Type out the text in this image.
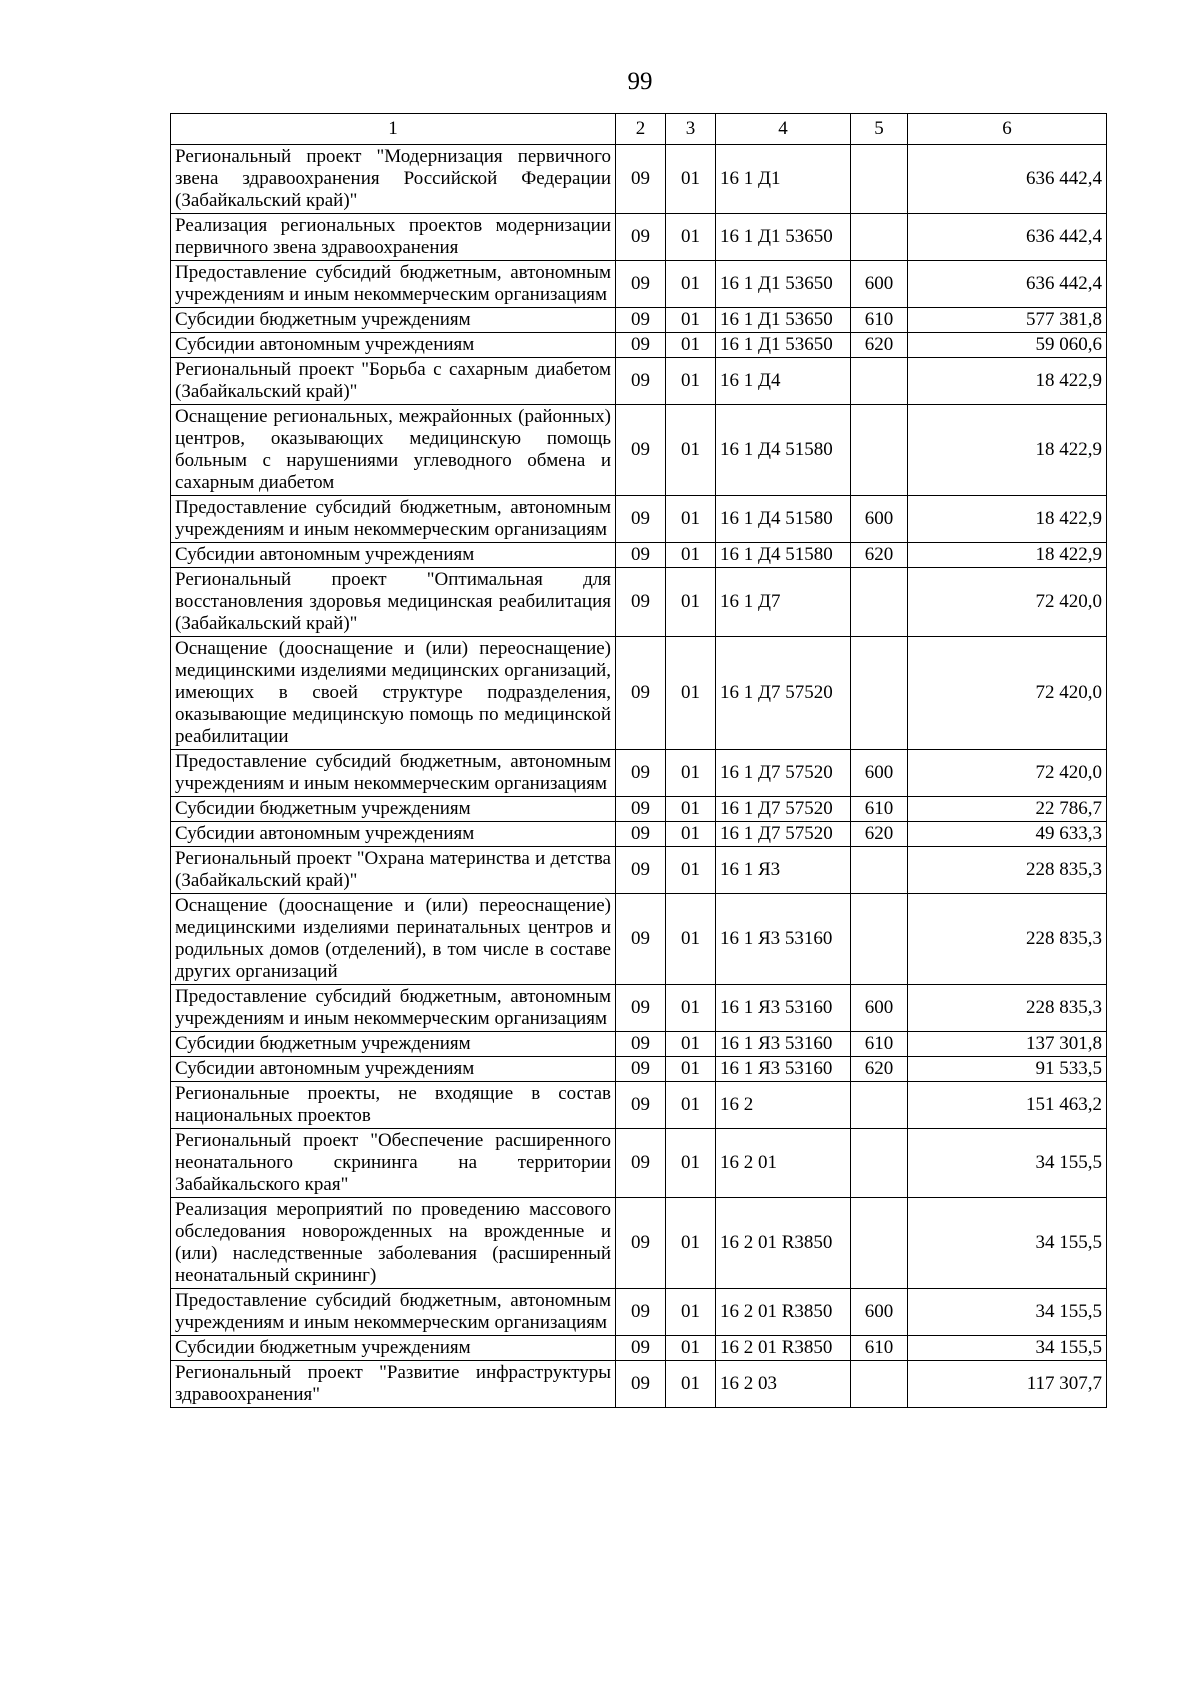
99
1	2	3	4	5	6
Региональный проект "Модернизация первичного звена здравоохранения Российской Федерации (Забайкальский край)"	09	01	16 1 Д1		636 442,4
Реализация региональных проектов модернизации первичного звена здравоохранения	09	01	16 1 Д1 53650		636 442,4
Предоставление субсидий бюджетным, автономным учреждениям и иным некоммерческим организациям	09	01	16 1 Д1 53650	600	636 442,4
Субсидии бюджетным учреждениям	09	01	16 1 Д1 53650	610	577 381,8
Субсидии автономным учреждениям	09	01	16 1 Д1 53650	620	59 060,6
Региональный проект "Борьба с сахарным диабетом (Забайкальский край)"	09	01	16 1 Д4		18 422,9
Оснащение региональных, межрайонных (районных) центров, оказывающих медицинскую помощь больным с нарушениями углеводного обмена и сахарным диабетом	09	01	16 1 Д4 51580		18 422,9
Предоставление субсидий бюджетным, автономным учреждениям и иным некоммерческим организациям	09	01	16 1 Д4 51580	600	18 422,9
Субсидии автономным учреждениям	09	01	16 1 Д4 51580	620	18 422,9
Региональный проект "Оптимальная для восстановления здоровья медицинская реабилитация (Забайкальский край)"	09	01	16 1 Д7		72 420,0
Оснащение (дооснащение и (или) переоснащение) медицинскими изделиями медицинских организаций, имеющих в своей структуре подразделения, оказывающие медицинскую помощь по медицинской реабилитации	09	01	16 1 Д7 57520		72 420,0
Предоставление субсидий бюджетным, автономным учреждениям и иным некоммерческим организациям	09	01	16 1 Д7 57520	600	72 420,0
Субсидии бюджетным учреждениям	09	01	16 1 Д7 57520	610	22 786,7
Субсидии автономным учреждениям	09	01	16 1 Д7 57520	620	49 633,3
Региональный проект "Охрана материнства и детства (Забайкальский край)"	09	01	16 1 Я3		228 835,3
Оснащение (дооснащение и (или) переоснащение) медицинскими изделиями перинатальных центров и родильных домов (отделений), в том числе в составе других организаций	09	01	16 1 Я3 53160		228 835,3
Предоставление субсидий бюджетным, автономным учреждениям и иным некоммерческим организациям	09	01	16 1 Я3 53160	600	228 835,3
Субсидии бюджетным учреждениям	09	01	16 1 Я3 53160	610	137 301,8
Субсидии автономным учреждениям	09	01	16 1 Я3 53160	620	91 533,5
Региональные проекты, не входящие в состав национальных проектов	09	01	16 2		151 463,2
Региональный проект "Обеспечение расширенного неонатального скрининга на территории Забайкальского края"	09	01	16 2 01		34 155,5
Реализация мероприятий по проведению массового обследования новорожденных на врожденные и (или) наследственные заболевания (расширенный неонатальный скрининг)	09	01	16 2 01 R3850		34 155,5
Предоставление субсидий бюджетным, автономным учреждениям и иным некоммерческим организациям	09	01	16 2 01 R3850	600	34 155,5
Субсидии бюджетным учреждениям	09	01	16 2 01 R3850	610	34 155,5
Региональный проект "Развитие инфраструктуры здравоохранения"	09	01	16 2 03		117 307,7
